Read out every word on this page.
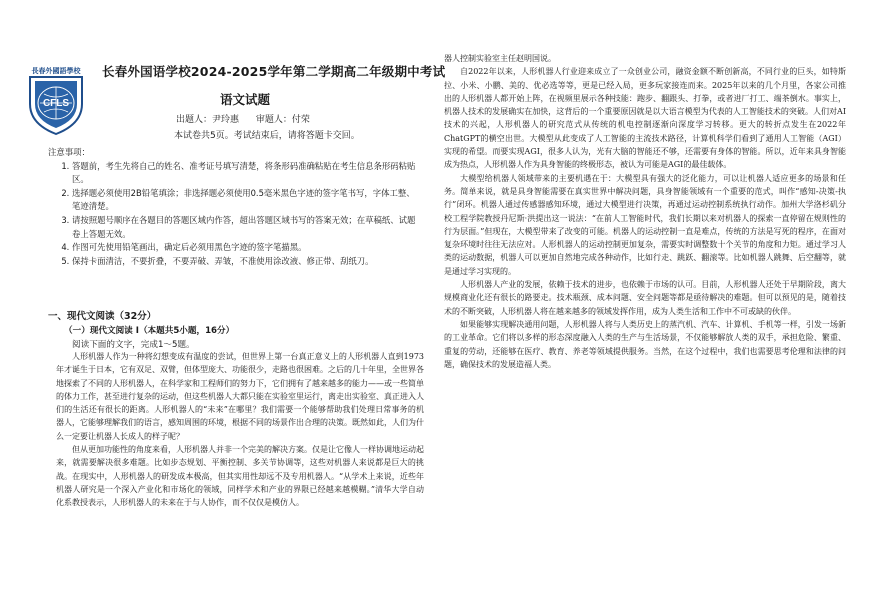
長春外國語學校
CFLS
长春外国语学校2024-2025学年第二学期高二年级期中考试
语文试题
出题人：尹玲惠 审题人：付荣
本试卷共5页。考试结束后，请将答题卡交回。
注意事项：
1. 答题前，考生先将自己的姓名、准考证号填写清楚，将条形码准确粘贴在考生信息条形码粘贴区。
2. 选择题必须使用2B铅笔填涂；非选择题必须使用0.5毫米黑色字迹的签字笔书写，字体工整、笔迹清楚。
3. 请按照题号顺序在各题目的答题区域内作答，超出答题区域书写的答案无效；在草稿纸、试题卷上答题无效。
4. 作图可先使用铅笔画出，确定后必须用黑色字迹的签字笔描黑。
5. 保持卡面清洁，不要折叠，不要弄破、弄皱，不准使用涂改液、修正带、刮纸刀。
一、现代文阅读（32分）
（一）现代文阅读 Ⅰ（本题共5小题，16分）
阅读下面的文字，完成1～5题。

人形机器人作为一种将幻想变成有温度的尝试，但世界上第一台真正意义上的人形机器人直到1973年才诞生于日本，它有双足、双臂，但体型庞大、功能很少，走路也很困难。之后的几十年里，全世界各地探索了不同的人形机器人，在科学家和工程师们的努力下，它们拥有了越来越多的能力——或一些简单的体力工作，甚至进行复杂的运动，但这些机器人大都只能在实验室里运行，离走出实验室、真正进入人们的生活还有很长的距离。人形机器人的“未来”在哪里？我们需要一个能够帮助我们处理日常事务的机器人，它能够理解我们的语言，感知周围的环境，根据不同的场景作出合理的决策。既然如此，人们为什么一定要让机器人长成人的样子呢？

但从更加功能性的角度来看，人形机器人并非一个完美的解决方案。仅是让它像人一样协调地运动起来，就需要解决很多难题。比如步态规划、平衡控制、多关节协调等，这些对机器人来说都是巨大的挑战。在现实中，人形机器人的研发成本极高，但其实用性却远不及专用机器人。“从学术上来说，近些年机器人研究是一个深入产业化和市场化的领域，同样学术和产业的界限已经越来越模糊。”清华大学自动化系教授表示，人形机器人的未来在于与人协作，而不仅仅是模仿人。

器人控制实验室主任赵明国说。

自2022年以来，人形机器人行业迎来成立了一众创业公司，融资金额不断创新高，不同行业的巨头，如特斯拉、小米、小鹏、美的、优必选等等，更是已经入局，更多玩家接连而来。2025年以来的几个月里，各家公司推出的人形机器人都开始上阵，在视频里展示各种技能：跑步、翻跟头、打拳，或者进厂打工、端茶倒水。事实上，机器人技术的发展确实在加快，这背后的一个重要原因就是以大语言模型为代表的人工智能技术的突破。人们对AI技术的兴起，人形机器人的研究范式从传统的机电控制逐渐向深度学习转移。更大的转折点发生在2022年ChatGPT的横空出世。大模型从此变成了人工智能的主流技术路径，计算机科学们看到了通用人工智能（AGI）实现的希望。而要实现AGI，很多人认为，光有大脑的智能还不够，还需要有身体的智能。所以，近年来具身智能成为热点，人形机器人作为具身智能的终极形态，被认为可能是AGI的最佳载体。

大模型给机器人领域带来的主要机遇在于：大模型具有强大的泛化能力，可以让机器人适应更多的场景和任务。简单来说，就是具身智能需要在真实世界中解决问题，具身智能领域有一个重要的范式，叫作“感知-决策-执行”闭环。机器人通过传感器感知环境，通过大模型进行决策，再通过运动控制系统执行动作。加州大学洛杉矶分校工程学院教授丹尼斯·洪提出这一说法：“在前人工智能时代，我们长期以来对机器人的探索一直停留在规则性的行为层面。”但现在，大模型带来了改变的可能。机器人的运动控制一直是难点，传统的方法是写死的程序，在面对复杂环境时往往无法应对。人形机器人的运动控制更加复杂，需要实时调整数十个关节的角度和力矩。通过学习人类的运动数据，机器人可以更加自然地完成各种动作，比如行走、跳跃、翻滚等。比如机器人跳舞、后空翻等，就是通过学习实现的。

人形机器人产业的发展，依赖于技术的进步，也依赖于市场的认可。目前，人形机器人还处于早期阶段，离大规模商业化还有很长的路要走。技术瓶颈、成本问题、安全问题等都是亟待解决的难题。但可以预见的是，随着技术的不断突破，人形机器人将在越来越多的领域发挥作用，成为人类生活和工作中不可或缺的伙伴。

如果能够实现解决通用问题，人形机器人将与人类历史上的蒸汽机、汽车、计算机、手机等一样，引发一场新的工业革命。它们将以多样的形态深度融入人类的生产与生活场景，不仅能够解放人类的双手，承担危险、繁重、重复的劳动，还能够在医疗、教育、养老等领域提供服务。当然，在这个过程中，我们也需要思考伦理和法律的问题，确保技术的发展造福人类。
